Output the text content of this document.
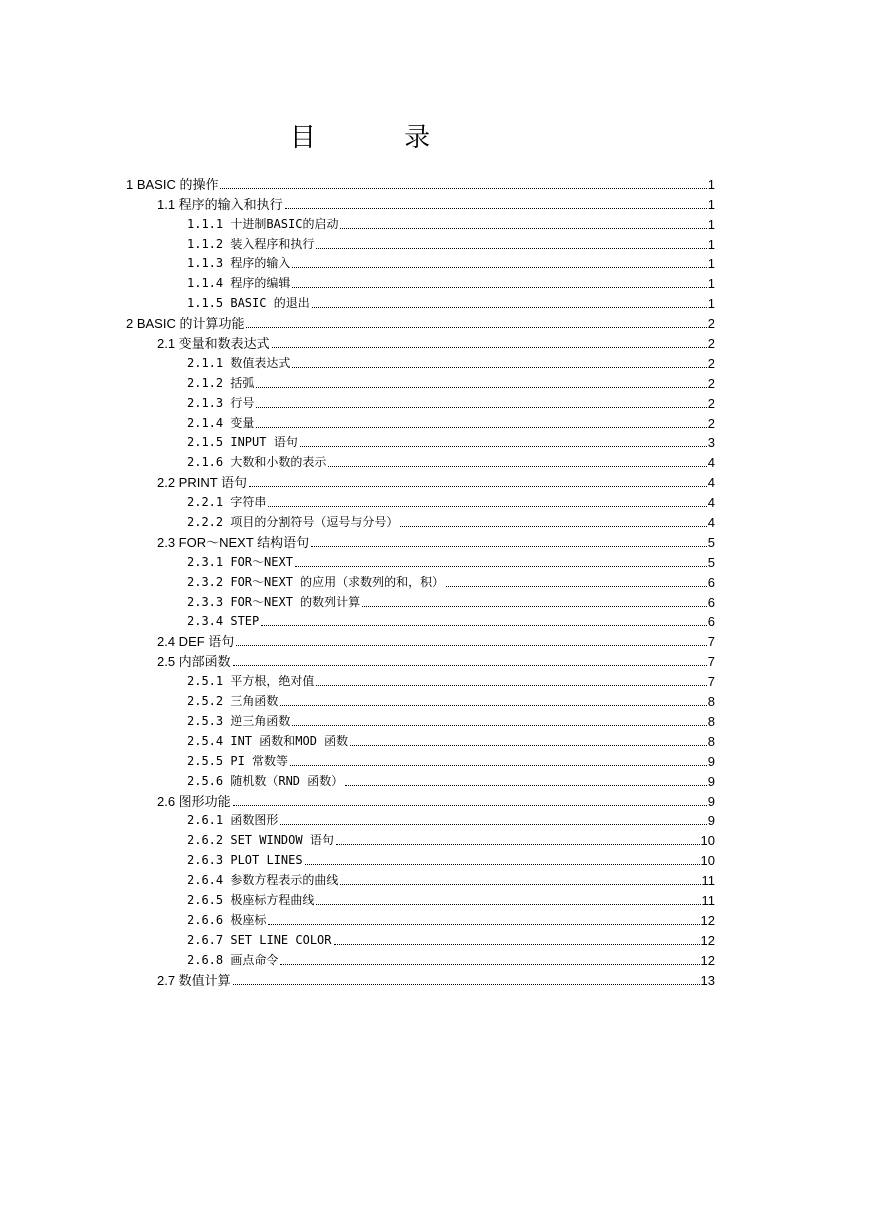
目 录
1 BASIC 的操作	1
1.1 程序的输入和执行	1
1.1.1 十进制BASIC的启动	1
1.1.2 装入程序和执行	1
1.1.3 程序的输入	1
1.1.4 程序的编辑	1
1.1.5 BASIC 的退出	1
2 BASIC 的计算功能	2
2.1 变量和数表达式	2
2.1.1 数值表达式	2
2.1.2 括弧	2
2.1.3 行号	2
2.1.4 变量	2
2.1.5 INPUT 语句	3
2.1.6 大数和小数的表示	4
2.2 PRINT 语句	4
2.2.1 字符串	4
2.2.2 项目的分割符号（逗号与分号）	4
2.3 FOR～NEXT 结构语句	5
2.3.1 FOR～NEXT	5
2.3.2 FOR～NEXT 的应用（求数列的和，积）	6
2.3.3 FOR～NEXT 的数列计算	6
2.3.4 STEP	6
2.4 DEF 语句	7
2.5 内部函数	7
2.5.1 平方根，绝对值	7
2.5.2 三角函数	8
2.5.3 逆三角函数	8
2.5.4 INT 函数和MOD 函数	8
2.5.5 PI 常数等	9
2.5.6 随机数（RND 函数）	9
2.6 图形功能	9
2.6.1 函数图形	9
2.6.2 SET WINDOW 语句	10
2.6.3 PLOT LINES	10
2.6.4 参数方程表示的曲线	11
2.6.5 极座标方程曲线	11
2.6.6 极座标	12
2.6.7 SET LINE COLOR	12
2.6.8 画点命令	12
2.7 数值计算	13
